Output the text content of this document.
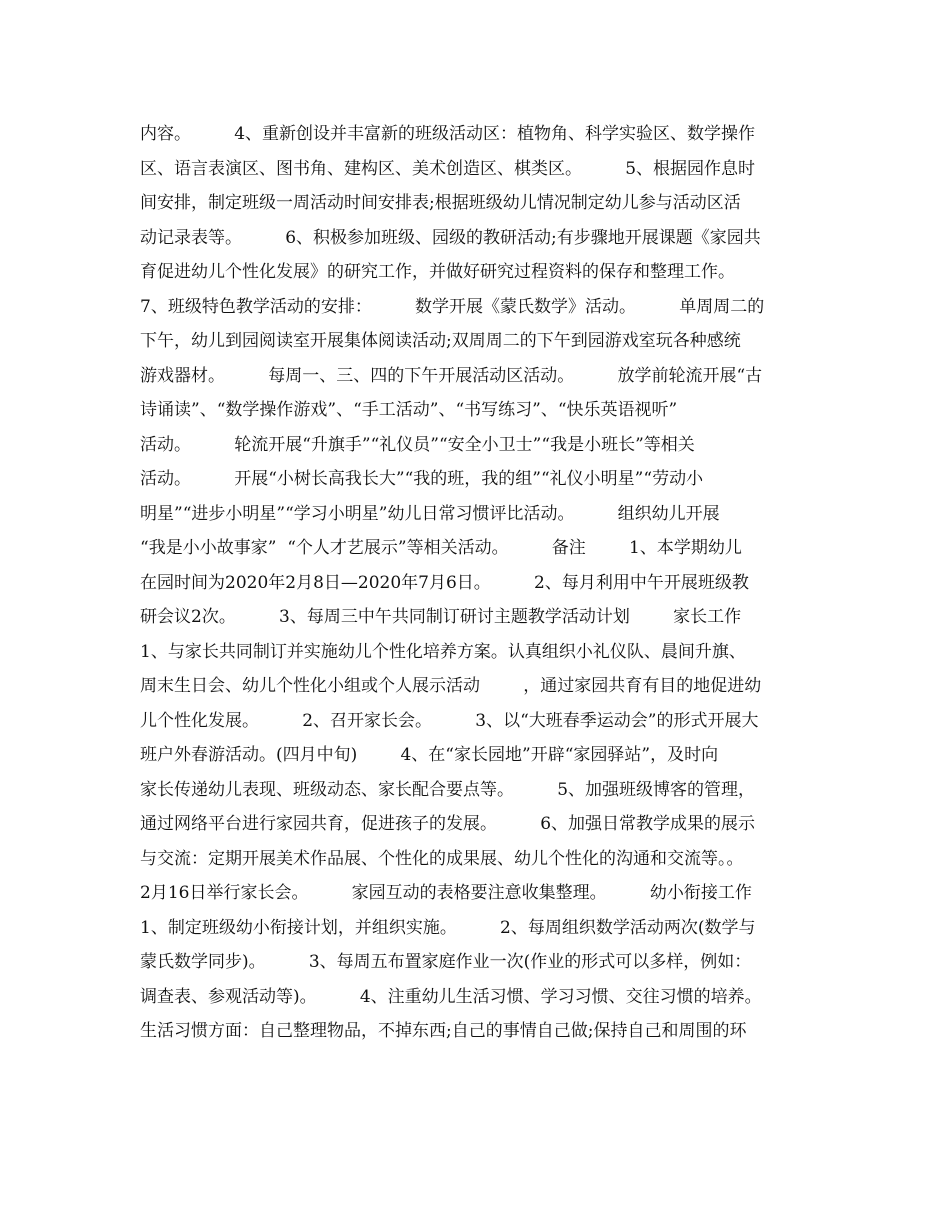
内容。        4、重新创设并丰富新的班级活动区：植物角、科学实验区、数学操作
区、语言表演区、图书角、建构区、美术创造区、棋类区。        5、根据园作息时
间安排，制定班级一周活动时间安排表;根据班级幼儿情况制定幼儿参与活动区活
动记录表等。        6、积极参加班级、园级的教研活动;有步骤地开展课题《家园共
育促进幼儿个性化发展》的研究工作，并做好研究过程资料的保存和整理工作。
7、班级特色教学活动的安排：        数学开展《蒙氏数学》活动。        单周周二的
下午，幼儿到园阅读室开展集体阅读活动;双周周二的下午到园游戏室玩各种感统
游戏器材。        每周一、三、四的下午开展活动区活动。        放学前轮流开展“古
诗诵读”、“数学操作游戏”、“手工活动”、“书写练习”、“快乐英语视听”
活动。        轮流开展“升旗手”“礼仪员”“安全小卫士”“我是小班长”等相关
活动。        开展“小树长高我长大”“我的班，我的组”“礼仪小明星”“劳动小
明星”“进步小明星”“学习小明星”幼儿日常习惯评比活动。        组织幼儿开展
“我是小小故事家”  “个人才艺展示”等相关活动。        备注        1、本学期幼儿
在园时间为2020年2月8日—2020年7月6日。        2、每月利用中午开展班级教
研会议2次。        3、每周三中午共同制订研讨主题教学活动计划        家长工作
1、与家长共同制订并实施幼儿个性化培养方案。认真组织小礼仪队、晨间升旗、
周末生日会、幼儿个性化小组或个人展示活动        ，通过家园共育有目的地促进幼
儿个性化发展。        2、召开家长会。        3、以“大班春季运动会”的形式开展大
班户外春游活动。(四月中旬)        4、在“家长园地”开辟“家园驿站”，及时向
家长传递幼儿表现、班级动态、家长配合要点等。        5、加强班级博客的管理，
通过网络平台进行家园共育，促进孩子的发展。        6、加强日常教学成果的展示
与交流：定期开展美术作品展、个性化的成果展、幼儿个性化的沟通和交流等。。
2月16日举行家长会。        家园互动的表格要注意收集整理。        幼小衔接工作
1、制定班级幼小衔接计划，并组织实施。        2、每周组织数学活动两次(数学与
蒙氏数学同步)。        3、每周五布置家庭作业一次(作业的形式可以多样，例如：
调查表、参观活动等)。        4、注重幼儿生活习惯、学习习惯、交往习惯的培养。
生活习惯方面：自己整理物品，不掉东西;自己的事情自己做;保持自己和周围的环
